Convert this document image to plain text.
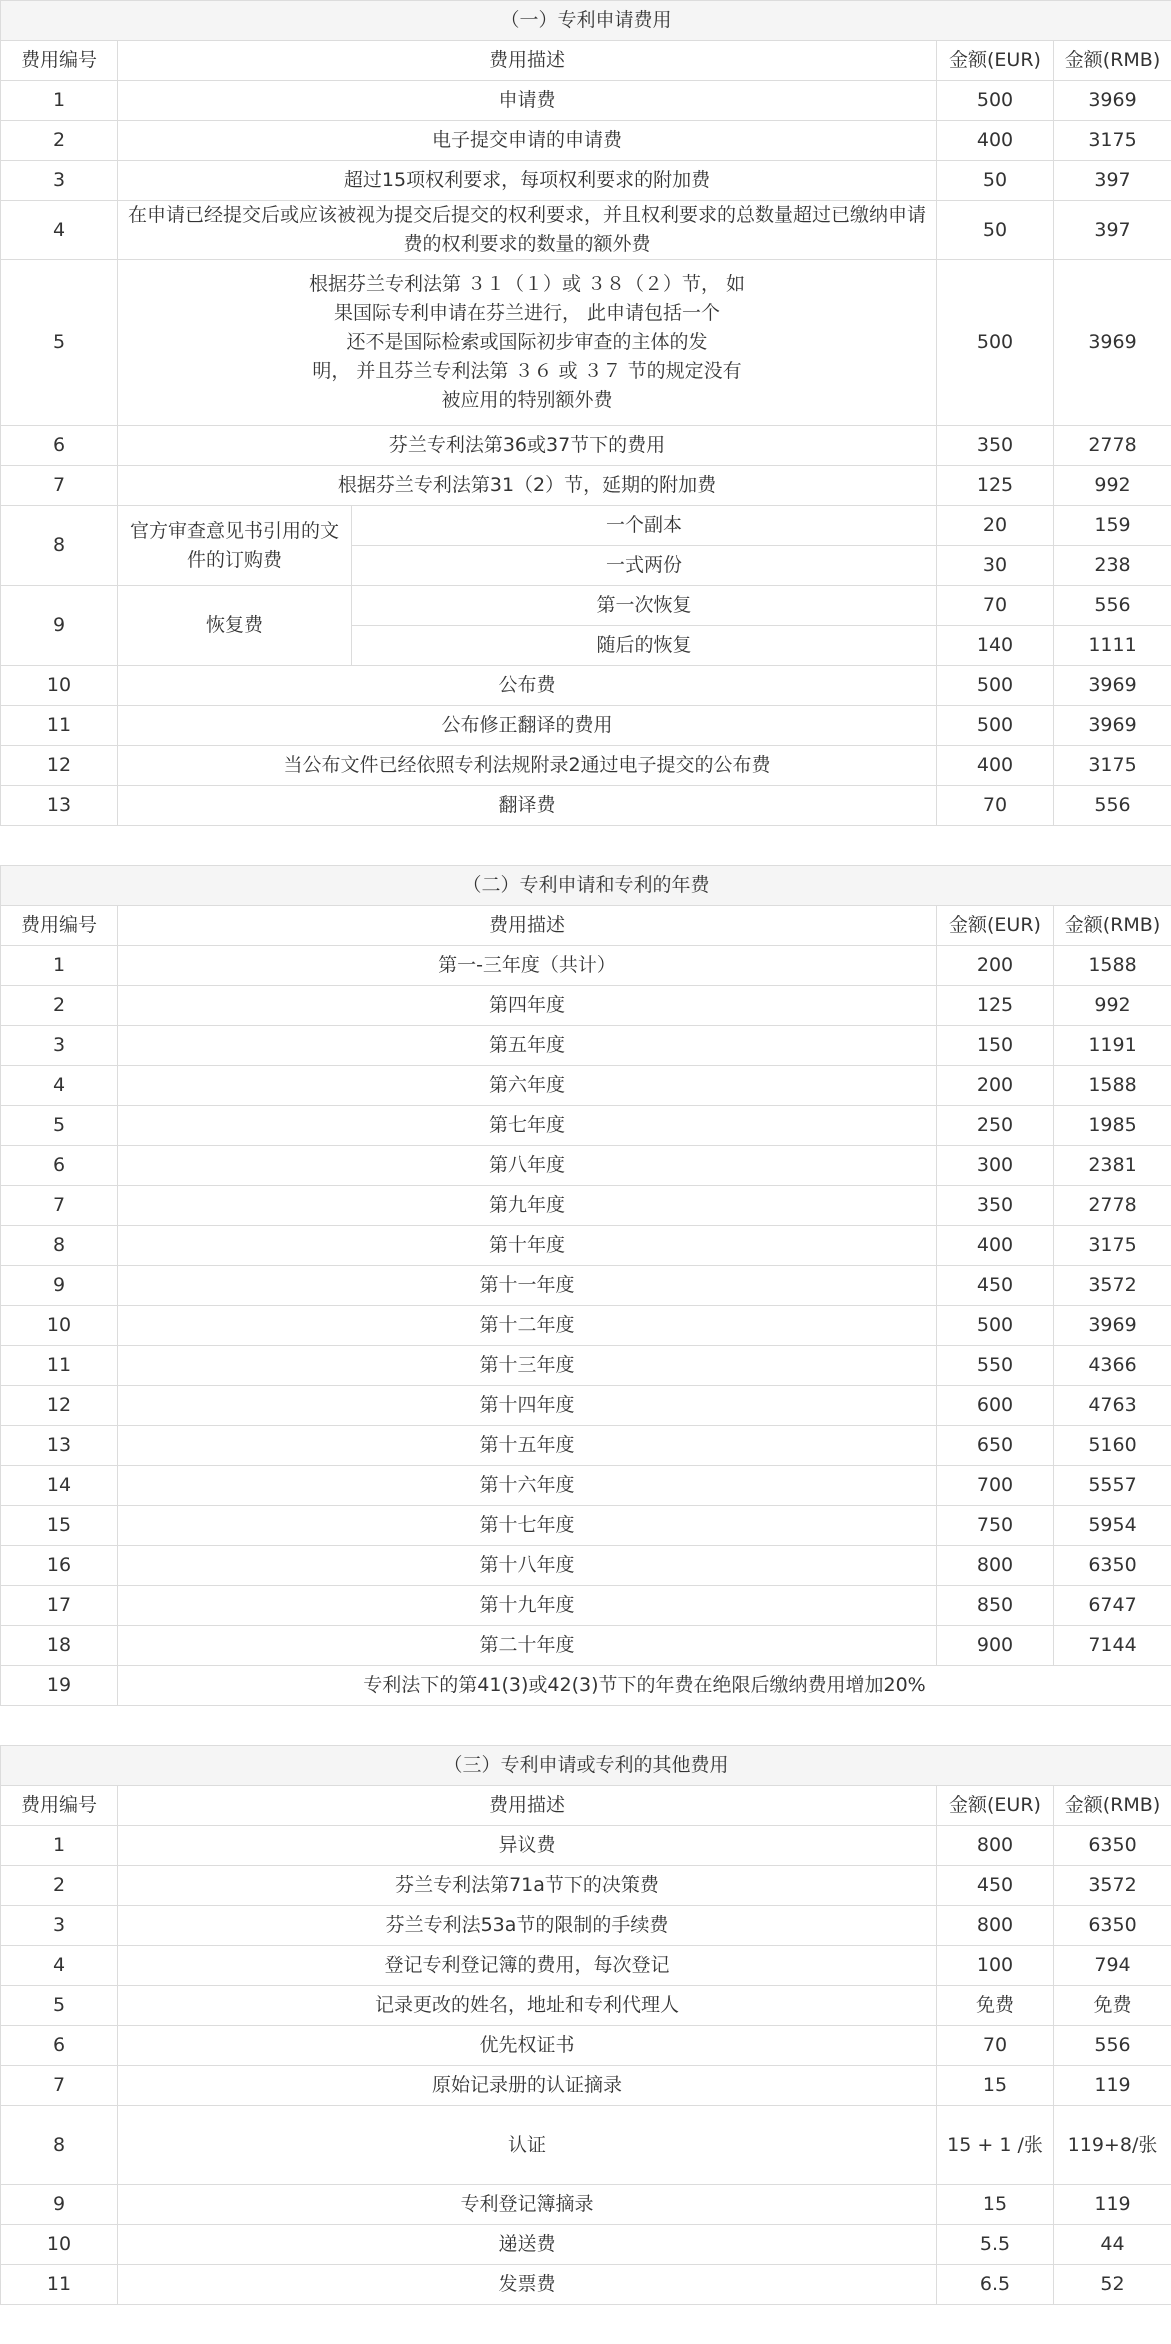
（一）专利申请费用				
费用编号	费用描述		金额(EUR)	金额(RMB)
1	申请费		500	3969
2	电子提交申请的申请费		400	3175
3	超过15项权利要求，每项权利要求的附加费		50	397
4	在申请已经提交后或应该被视为提交后提交的权利要求，并且权利要求的总数量超过已缴纳申请费的权利要求的数量的额外费		50	397
5	根据芬兰专利法第 ３１（１）或 ３８（２）节， 如
果国际专利申请在芬兰进行， 此申请包括一个
还不是国际检索或国际初步审查的主体的发
明， 并且芬兰专利法第 ３６ 或 ３７ 节的规定没有
被应用的特别额外费		500	3969
6	芬兰专利法第36或37节下的费用		350	2778
7	根据芬兰专利法第31（2）节，延期的附加费		125	992
8	官方审查意见书引用的文件的订购费	一个副本	20	159
		一式两份	30	238
9	恢复费	第一次恢复	70	556
		随后的恢复	140	1111
10	公布费		500	3969
11	公布修正翻译的费用		500	3969
12	当公布文件已经依照专利法规附录2通过电子提交的公布费		400	3175
13	翻译费		70	556

（二）专利申请和专利的年费				
费用编号	费用描述		金额(EUR)	金额(RMB)
1	第一-三年度（共计）		200	1588
2	第四年度		125	992
3	第五年度		150	1191
4	第六年度		200	1588
5	第七年度		250	1985
6	第八年度		300	2381
7	第九年度		350	2778
8	第十年度		400	3175
9	第十一年度		450	3572
10	第十二年度		500	3969
11	第十三年度		550	4366
12	第十四年度		600	4763
13	第十五年度		650	5160
14	第十六年度		700	5557
15	第十七年度		750	5954
16	第十八年度		800	6350
17	第十九年度		850	6747
18	第二十年度		900	7144
19	专利法下的第41(3)或42(3)节下的年费在绝限后缴纳费用增加20%			

（三）专利申请或专利的其他费用				
费用编号	费用描述		金额(EUR)	金额(RMB)
1	异议费		800	6350
2	芬兰专利法第71a节下的决策费		450	3572
3	芬兰专利法53a节的限制的手续费		800	6350
4	登记专利登记簿的费用，每次登记		100	794
5	记录更改的姓名，地址和专利代理人		免费	免费
6	优先权证书		70	556
7	原始记录册的认证摘录		15	119
8	认证		15 + 1 /张	119+8/张
9	专利登记簿摘录		15	119
10	递送费		5.5	44
11	发票费		6.5	52
